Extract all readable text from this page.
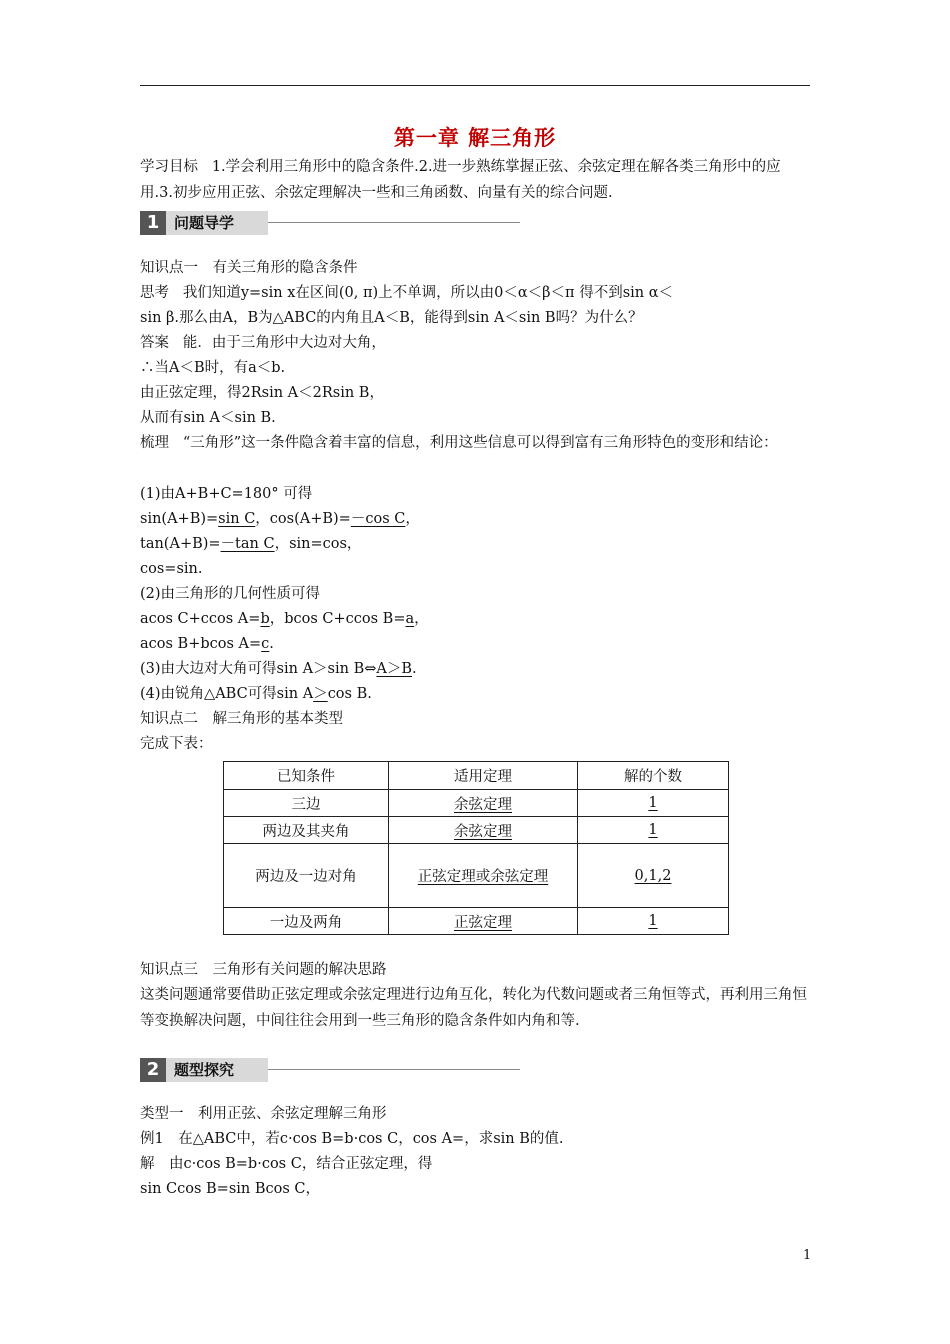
第一章 解三角形
学习目标 1.学会利用三角形中的隐含条件.2.进一步熟练掌握正弦、余弦定理在解各类三角形中的应用.3.初步应用正弦、余弦定理解决一些和三角函数、向量有关的综合问题.
1 问题导学
知识点一　有关三角形的隐含条件
思考 我们知道y=sin x在区间(0, π)上不单调，所以由0＜α＜β＜π 得不到sin α＜
sin β.那么由A，B为△ABC的内角且A＜B，能得到sin A＜sin B吗？为什么？
答案 能．由于三角形中大边对大角，
∴当A＜B时，有a＜b.
由正弦定理，得2Rsin A＜2Rsin B，
从而有sin A＜sin B.
梳理 “三角形”这一条件隐含着丰富的信息，利用这些信息可以得到富有三角形特色的变形和结论：
(1)由A+B+C=180° 可得
sin(A+B)=sin C，cos(A+B)=－cos C，
tan(A+B)=－tan C，sin=cos，
cos=sin.
(2)由三角形的几何性质可得
acos C+ccos A=b，bcos C+ccos B=a，
acos B+bcos A=c.
(3)由大边对大角可得sin A＞sin B⇔A＞B.
(4)由锐角△ABC可得sin A＞cos B.
知识点二　解三角形的基本类型
完成下表：
已知条件	适用定理	解的个数
三边	余弦定理	1
两边及其夹角	余弦定理	1
两边及一边对角	正弦定理或余弦定理	0,1,2
一边及两角	正弦定理	1
知识点三　三角形有关问题的解决思路
这类问题通常要借助正弦定理或余弦定理进行边角互化，转化为代数问题或者三角恒等式，再利用三角恒等变换解决问题，中间往往会用到一些三角形的隐含条件如内角和等.
2 题型探究
类型一　利用正弦、余弦定理解三角形
例1　在△ABC中，若c·cos B=b·cos C，cos A=，求sin B的值.
解　由c·cos B=b·cos C，结合正弦定理，得
sin Ccos B=sin Bcos C，
1
